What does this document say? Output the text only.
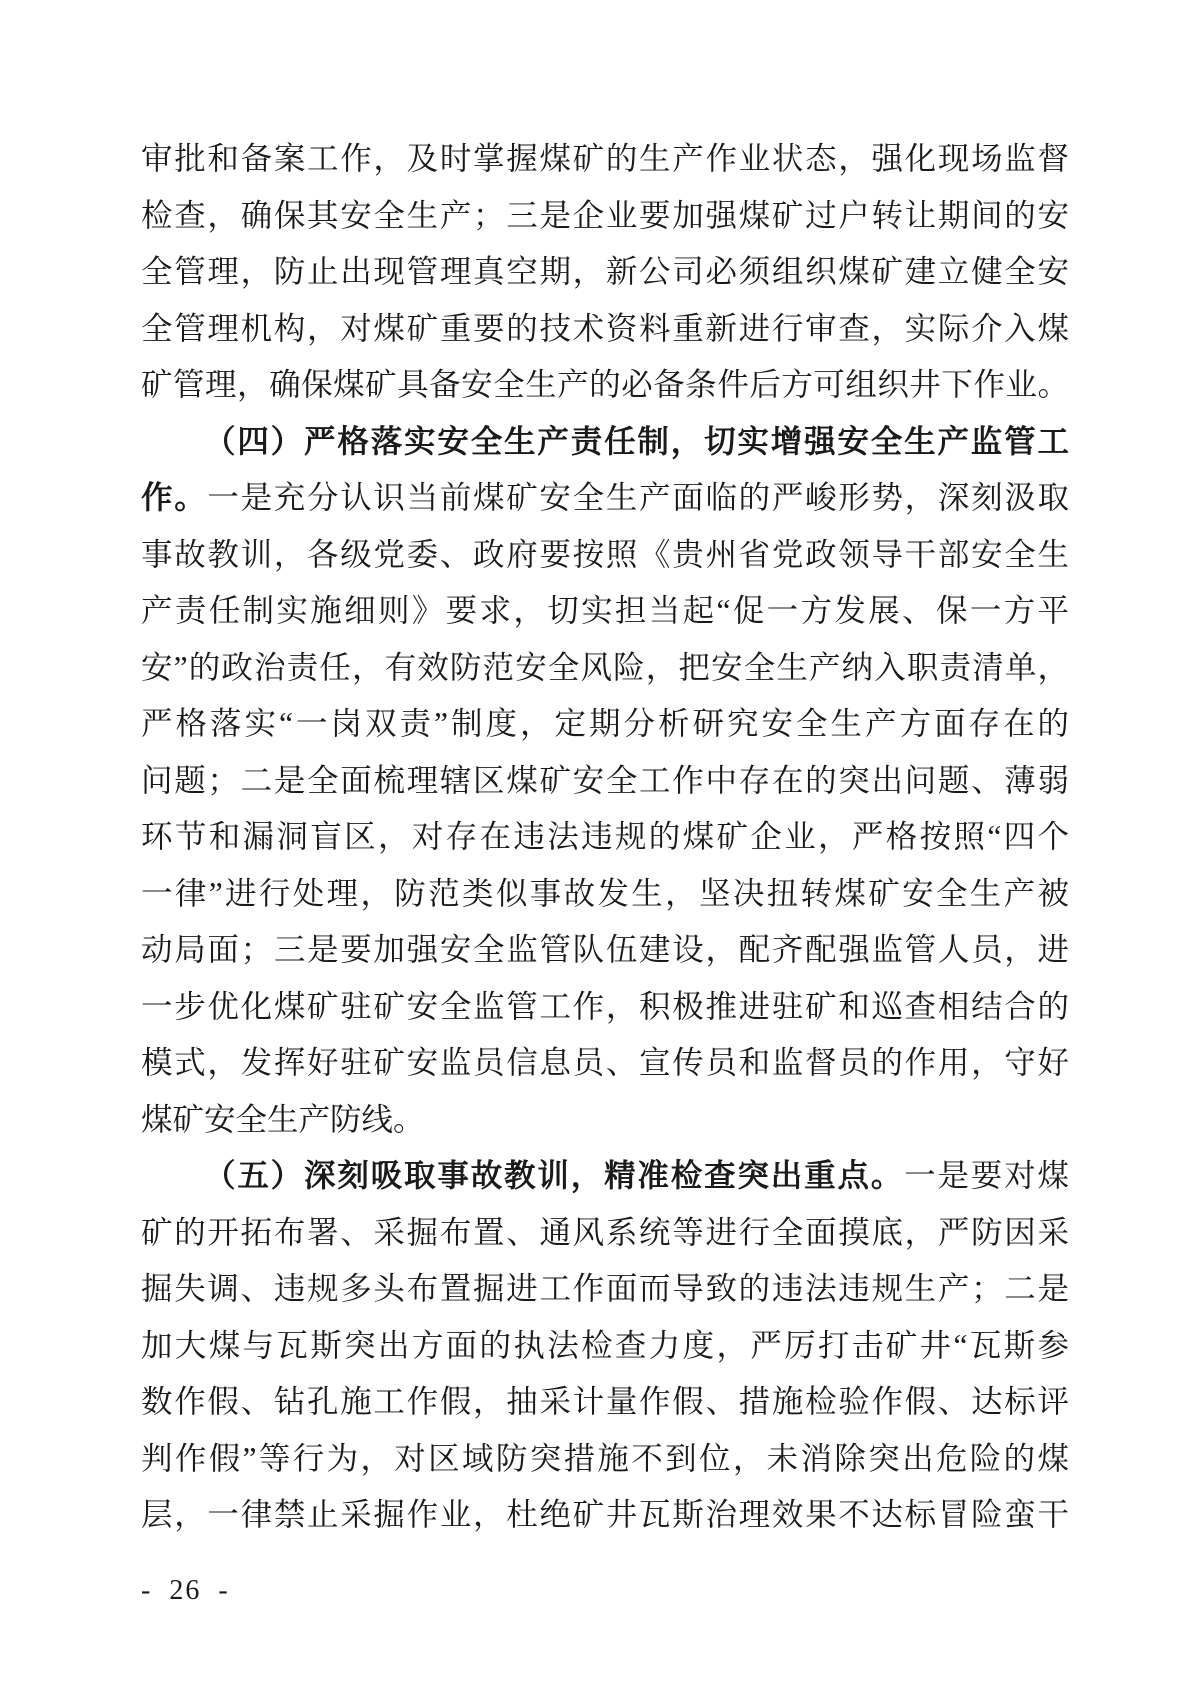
审批和备案工作，及时掌握煤矿的生产作业状态，强化现场监督
检查，确保其安全生产；三是企业要加强煤矿过户转让期间的安
全管理，防止出现管理真空期，新公司必须组织煤矿建立健全安
全管理机构，对煤矿重要的技术资料重新进行审查，实际介入煤
矿管理，确保煤矿具备安全生产的必备条件后方可组织井下作业。
（四）严格落实安全生产责任制，切实增强安全生产监管工
作。一是充分认识当前煤矿安全生产面临的严峻形势，深刻汲取
事故教训，各级党委、政府要按照《贵州省党政领导干部安全生
产责任制实施细则》要求，切实担当起“促一方发展、保一方平
安”的政治责任，有效防范安全风险，把安全生产纳入职责清单，
严格落实“一岗双责”制度，定期分析研究安全生产方面存在的
问题；二是全面梳理辖区煤矿安全工作中存在的突出问题、薄弱
环节和漏洞盲区，对存在违法违规的煤矿企业，严格按照“四个
一律”进行处理，防范类似事故发生，坚决扭转煤矿安全生产被
动局面；三是要加强安全监管队伍建设，配齐配强监管人员，进
一步优化煤矿驻矿安全监管工作，积极推进驻矿和巡查相结合的
模式，发挥好驻矿安监员信息员、宣传员和监督员的作用，守好
煤矿安全生产防线。
（五）深刻吸取事故教训，精准检查突出重点。一是要对煤
矿的开拓布署、采掘布置、通风系统等进行全面摸底，严防因采
掘失调、违规多头布置掘进工作面而导致的违法违规生产；二是
加大煤与瓦斯突出方面的执法检查力度，严厉打击矿井“瓦斯参
数作假、钻孔施工作假，抽采计量作假、措施检验作假、达标评
判作假”等行为，对区域防突措施不到位，未消除突出危险的煤
层，一律禁止采掘作业，杜绝矿井瓦斯治理效果不达标冒险蛮干
- 26 -
